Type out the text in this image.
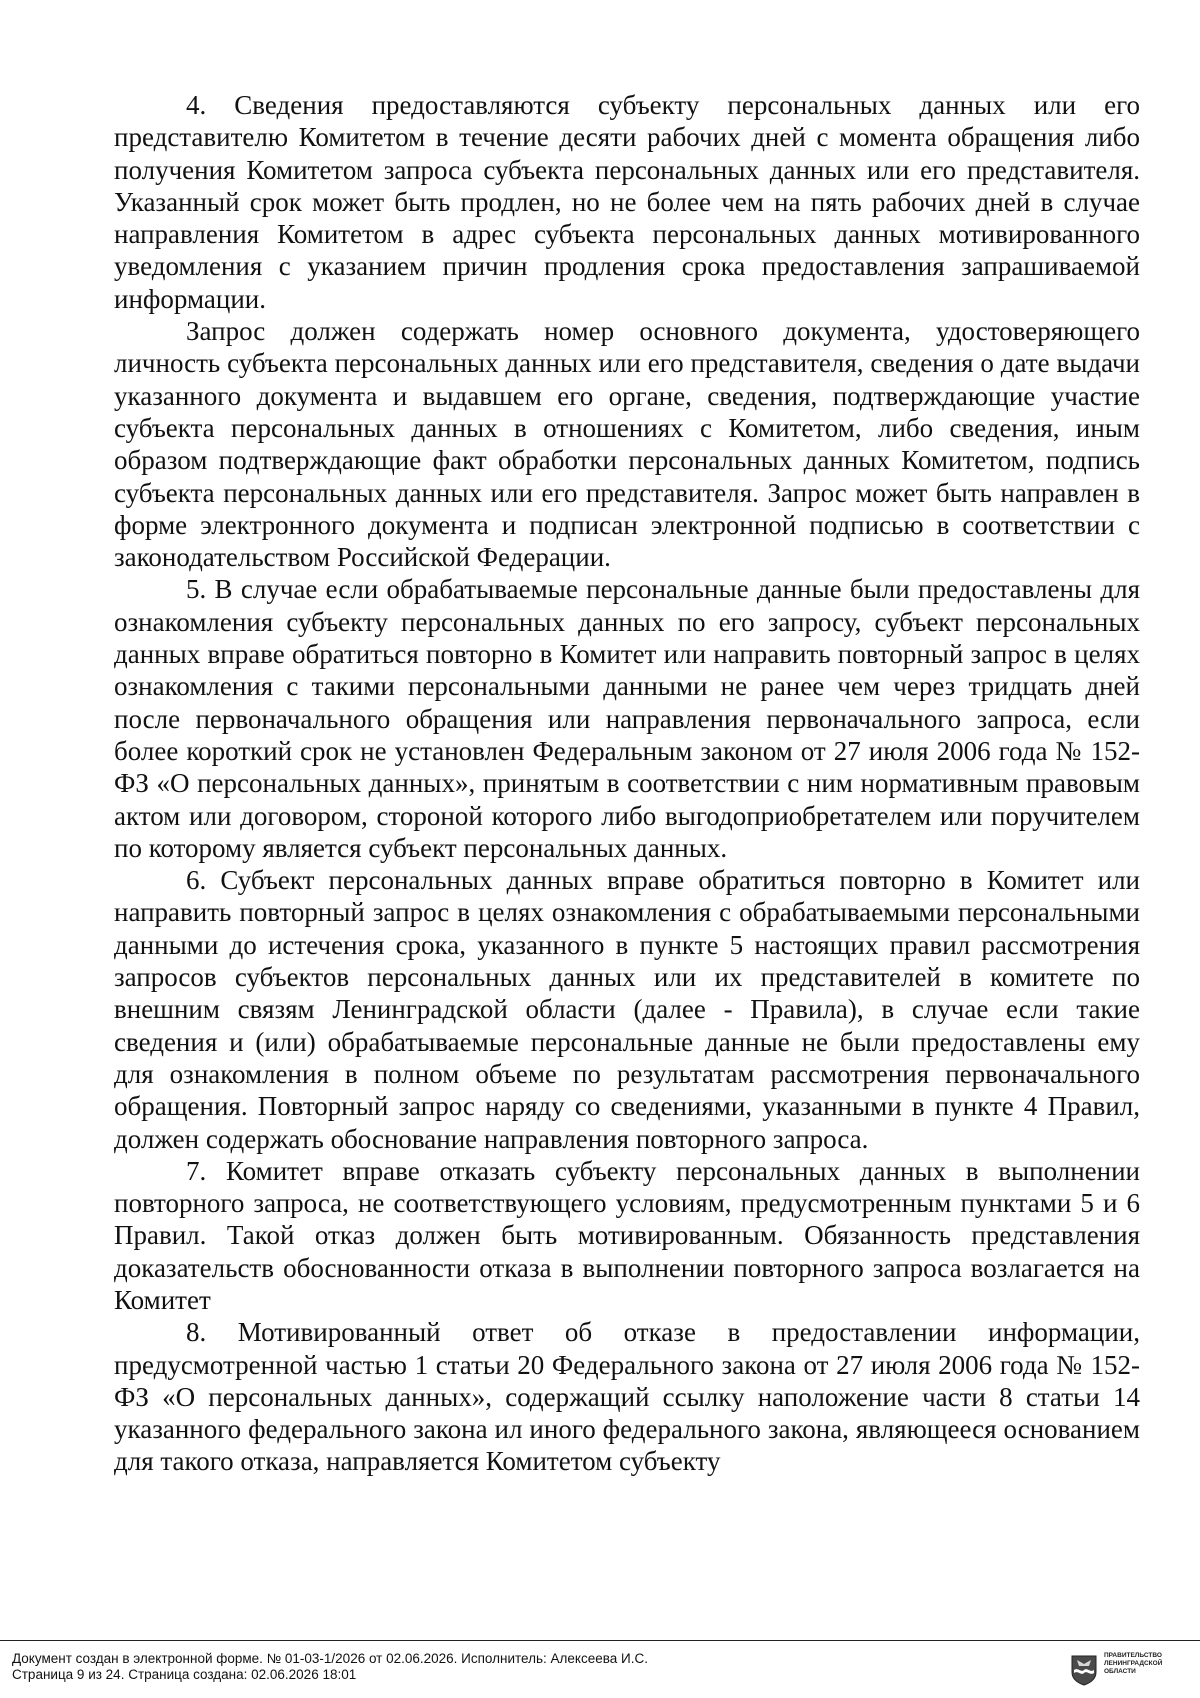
4. Сведения предоставляются субъекту персональных данных или его представителю Комитетом в течение десяти рабочих дней с момента обращения либо получения Комитетом запроса субъекта персональных данных или его представителя. Указанный срок может быть продлен, но не более чем на пять рабочих дней в случае направления Комитетом в адрес субъекта персональных данных мотивированного уведомления с указанием причин продления срока предоставления запрашиваемой информации.

Запрос должен содержать номер основного документа, удостоверяющего личность субъекта персональных данных или его представителя, сведения о дате выдачи указанного документа и выдавшем его органе, сведения, подтверждающие участие субъекта персональных данных в отношениях с Комитетом, либо сведения, иным образом подтверждающие факт обработки персональных данных Комитетом, подпись субъекта персональных данных или его представителя. Запрос может быть направлен в форме электронного документа и подписан электронной подписью в соответствии с законодательством Российской Федерации.

5. В случае если обрабатываемые персональные данные были предоставлены для ознакомления субъекту персональных данных по его запросу, субъект персональных данных вправе обратиться повторно в Комитет или направить повторный запрос в целях ознакомления с такими персональными данными не ранее чем через тридцать дней после первоначального обращения или направления первоначального запроса, если более короткий срок не установлен Федеральным законом от 27 июля 2006 года № 152-ФЗ «О персональных данных», принятым в соответствии с ним нормативным правовым актом или договором, стороной которого либо выгодоприобретателем или поручителем по которому является субъект персональных данных.

6. Субъект персональных данных вправе обратиться повторно в Комитет или направить повторный запрос в целях ознакомления с обрабатываемыми персональными данными до истечения срока, указанного в пункте 5 настоящих правил рассмотрения запросов субъектов персональных данных или их представителей в комитете по внешним связям Ленинградской области (далее - Правила), в случае если такие сведения и (или) обрабатываемые персональные данные не были предоставлены ему для ознакомления в полном объеме по результатам рассмотрения первоначального обращения. Повторный запрос наряду со сведениями, указанными в пункте 4 Правил, должен содержать обоснование направления повторного запроса.

7. Комитет вправе отказать субъекту персональных данных в выполнении повторного запроса, не соответствующего условиям, предусмотренным пунктами 5 и 6 Правил. Такой отказ должен быть мотивированным. Обязанность представления доказательств обоснованности отказа в выполнении повторного запроса возлагается на Комитет

8. Мотивированный ответ об отказе в предоставлении информации, предусмотренной частью 1 статьи 20 Федерального закона от 27 июля 2006 года № 152-ФЗ «О персональных данных», содержащий ссылку наположение части 8 статьи 14 указанного федерального закона ил иного федерального закона, являющееся основанием для такого отказа, направляется Комитетом субъекту

Документ создан в электронной форме. № 01-03-1/2026 от 02.06.2026. Исполнитель: Алексеева И.С.
Страница 9 из 24. Страница создана: 02.06.2026 18:01
ПРАВИТЕЛЬСТВО
ЛЕНИНГРАДСКОЙ
ОБЛАСТИ
